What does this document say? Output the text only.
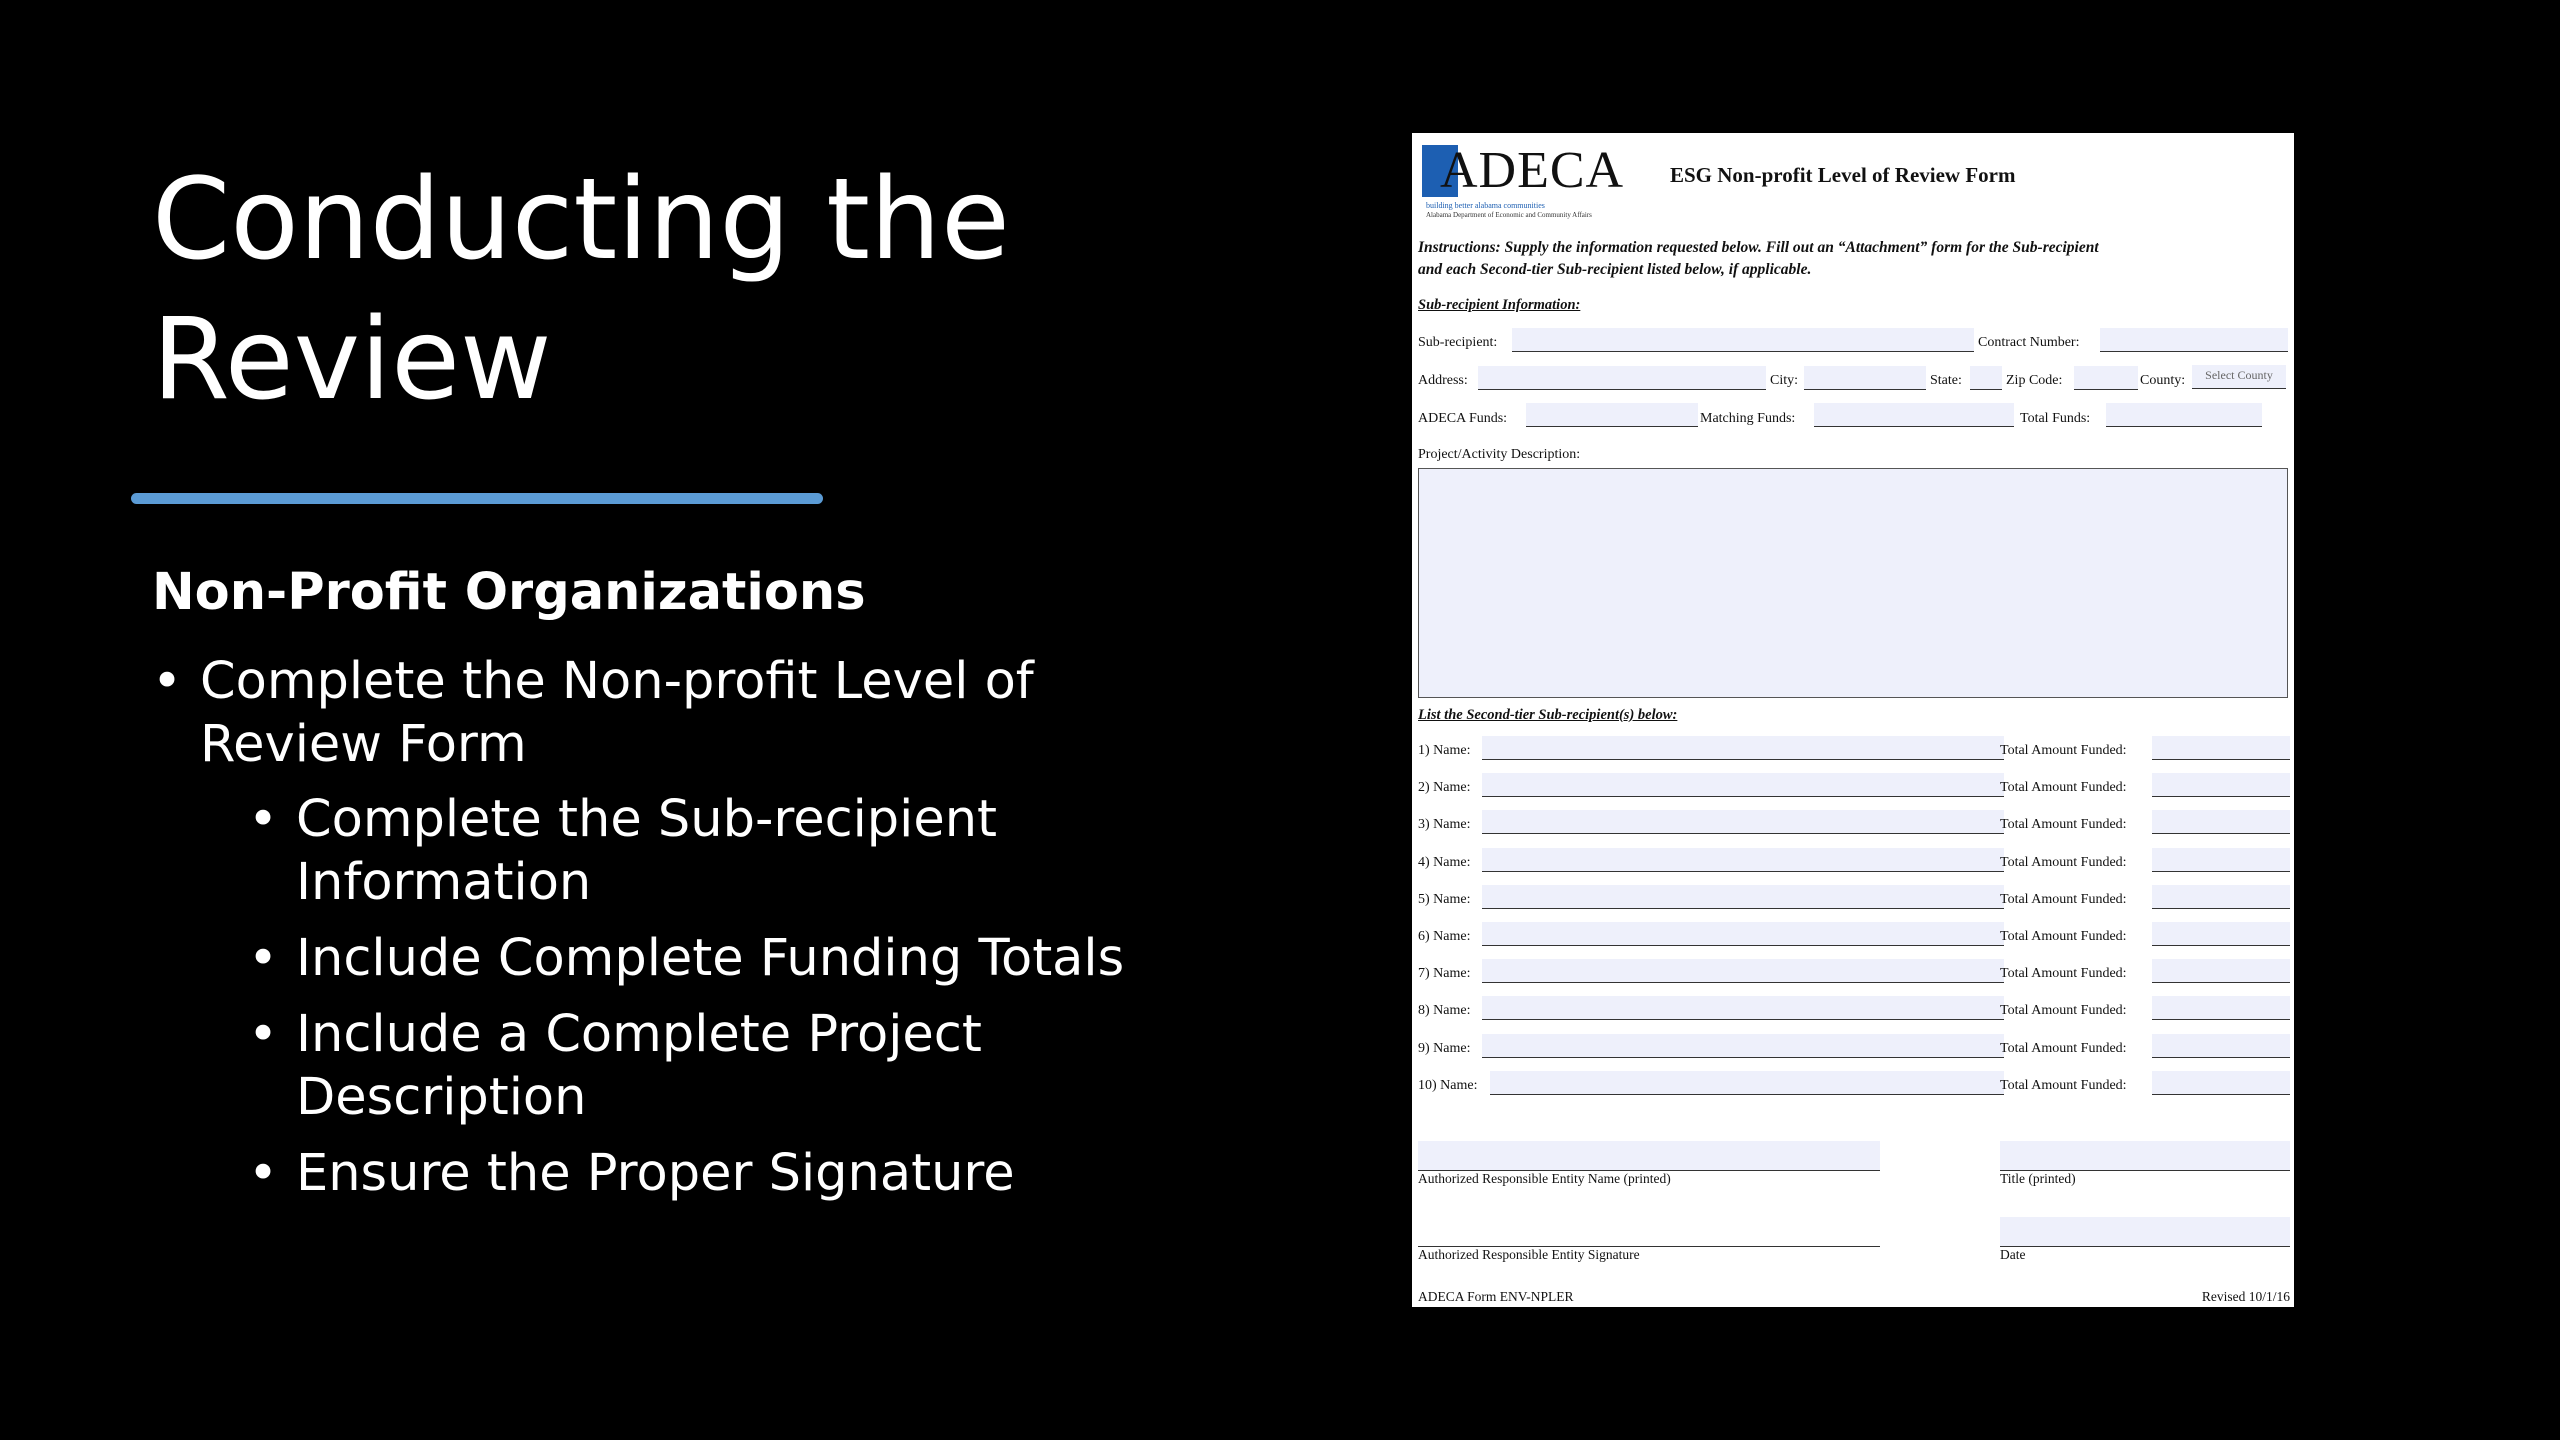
Conducting the
Review
Non-Profit Organizations
• Complete the Non-profit Level of
Review Form
• Complete the Sub-recipient
Information
• Include Complete Funding Totals
• Include a Complete Project
Description
• Ensure the Proper Signature
ADECA
building better alabama communities
Alabama Department of Economic and Community Affairs
ESG Non-profit Level of Review Form

Instructions: Supply the information requested below. Fill out an “Attachment” form for the Sub-recipient
and each Second-tier Sub-recipient listed below, if applicable.

Sub-recipient Information:
Sub-recipient:	Contract Number:
Address:	City:	State:	Zip Code:	County:	Select County
ADECA Funds:	Matching Funds:	Total Funds:
Project/Activity Description:
List the Second-tier Sub-recipient(s) below:
1) Name:	Total Amount Funded:
2) Name:	Total Amount Funded:
3) Name:	Total Amount Funded:
4) Name:	Total Amount Funded:
5) Name:	Total Amount Funded:
6) Name:	Total Amount Funded:
7) Name:	Total Amount Funded:
8) Name:	Total Amount Funded:
9) Name:	Total Amount Funded:
10) Name:	Total Amount Funded:
Authorized Responsible Entity Name (printed)	Title (printed)
Authorized Responsible Entity Signature	Date
ADECA Form ENV-NPLER	Revised 10/1/16
